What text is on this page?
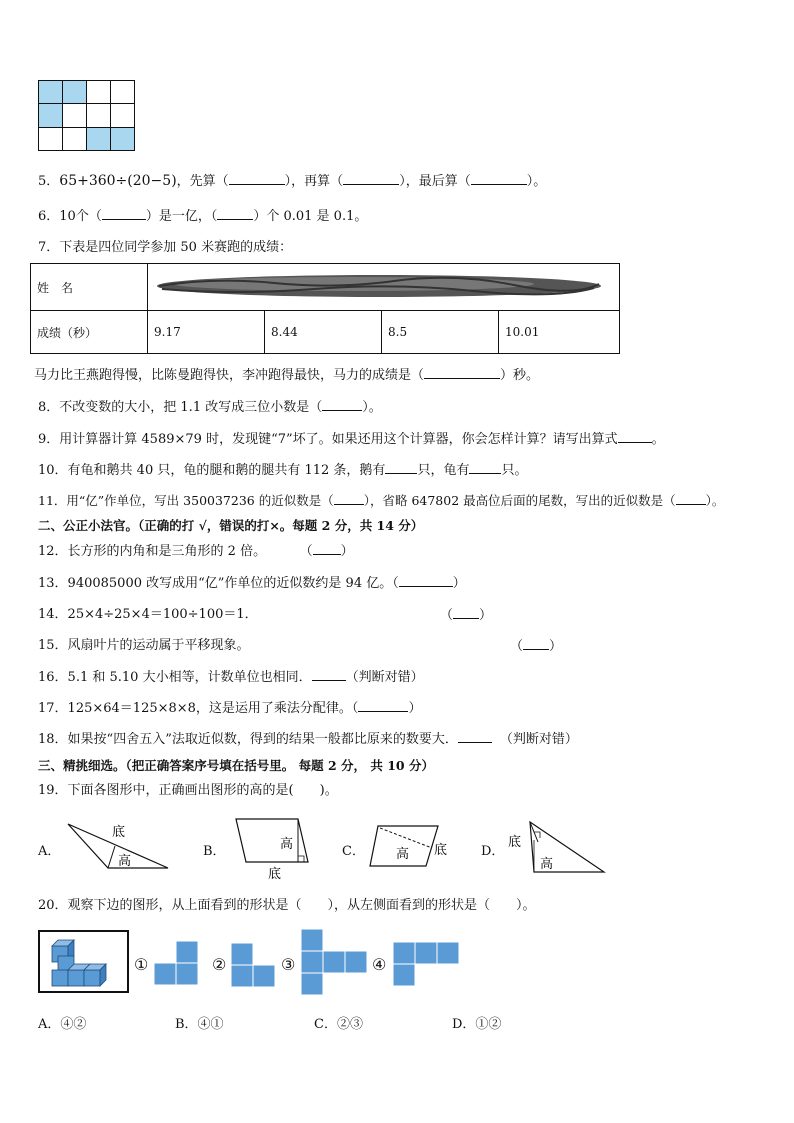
5．65+360÷(20−5)，先算（	），再算（	），最后算（	）。
6．10个（	）是一亿，（	）个 0.01 是 0.1。
7．下表是四位同学参加 50 米赛跑的成绩：
姓　名	
成绩（秒）	9.17	8.44	8.5	10.01
马力比王燕跑得慢，比陈曼跑得快，李冲跑得最快，马力的成绩是（	）秒。
8．不改变数的大小，把 1.1 改写成三位小数是（	）。
9．用计算器计算 4589×79 时，发现键“7”坏了。如果还用这个计算器，你会怎样计算？请写出算式	。
10．有龟和鹅共 40 只，龟的腿和鹅的腿共有 112 条，鹅有 只，龟有 只。
11．用“亿”作单位，写出 350037236 的近似数是（ ），省略 647802 最高位后面的尾数，写出的近似数是（ ）。
二、公正小法官。（正确的打 √，错误的打×。每题 2 分，共 14 分）
12．长方形的内角和是三角形的 2 倍。	（ ）
13．940085000 改写成用“亿”作单位的近似数约是 94 亿。（	）
14．25×4÷25×4＝100÷100＝1．	（ ）
15．风扇叶片的运动属于平移现象。	（ ）
16．5.1 和 5.10 大小相等，计数单位也相同．	（判断对错）
17．125×64＝125×8×8，这是运用了乘法分配律。（	）
18．如果按“四舍五入”法取近似数，得到的结果一般都比原来的数要大．	（判断对错）
三、精挑细选。（把正确答案序号填在括号里。 每题 2 分， 共 10 分）
19．下面各图形中，正确画出图形的高的是(　　)。
A．
底
高
B．	高
底
C． 高 底	D．
底
高
20．观察下边的图形，从上面看到的形状是（　　），从左侧面看到的形状是（　　）。
①	②	③	④
A．④②	B．④①	C．②③	D．①②
